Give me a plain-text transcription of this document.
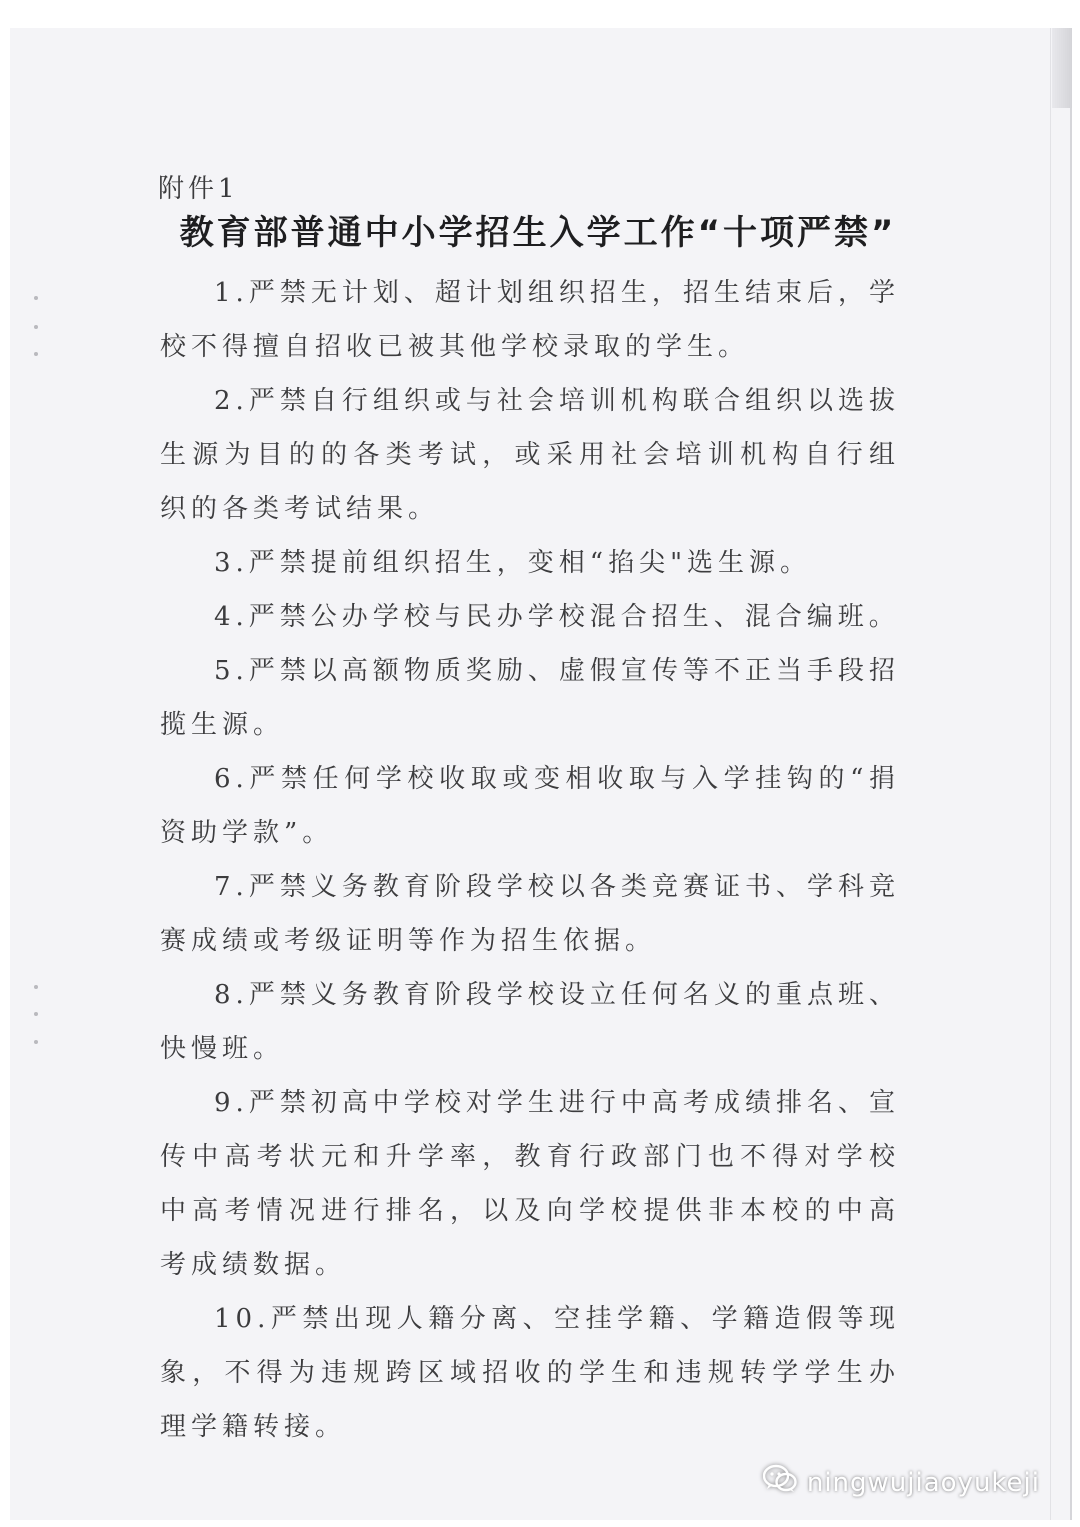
附件1

教育部普通中小学招生入学工作“十项严禁”

1.严禁无计划、超计划组织招生，招生结束后，学校不得擅自招收已被其他学校录取的学生。

2.严禁自行组织或与社会培训机构联合组织以选拔生源为目的的各类考试，或采用社会培训机构自行组织的各类考试结果。

3.严禁提前组织招生，变相“掐尖"选生源。

4.严禁公办学校与民办学校混合招生、混合编班。

5.严禁以高额物质奖励、虚假宣传等不正当手段招揽生源。

6.严禁任何学校收取或变相收取与入学挂钩的“捐资助学款”。

7.严禁义务教育阶段学校以各类竞赛证书、学科竞赛成绩或考级证明等作为招生依据。

8.严禁义务教育阶段学校设立任何名义的重点班、快慢班。

9.严禁初高中学校对学生进行中高考成绩排名、宣传中高考状元和升学率，教育行政部门也不得对学校中高考情况进行排名，以及向学校提供非本校的中高考成绩数据。

10.严禁出现人籍分离、空挂学籍、学籍造假等现象，不得为违规跨区域招收的学生和违规转学学生办理学籍转接。

ningwujiaoyukeji
